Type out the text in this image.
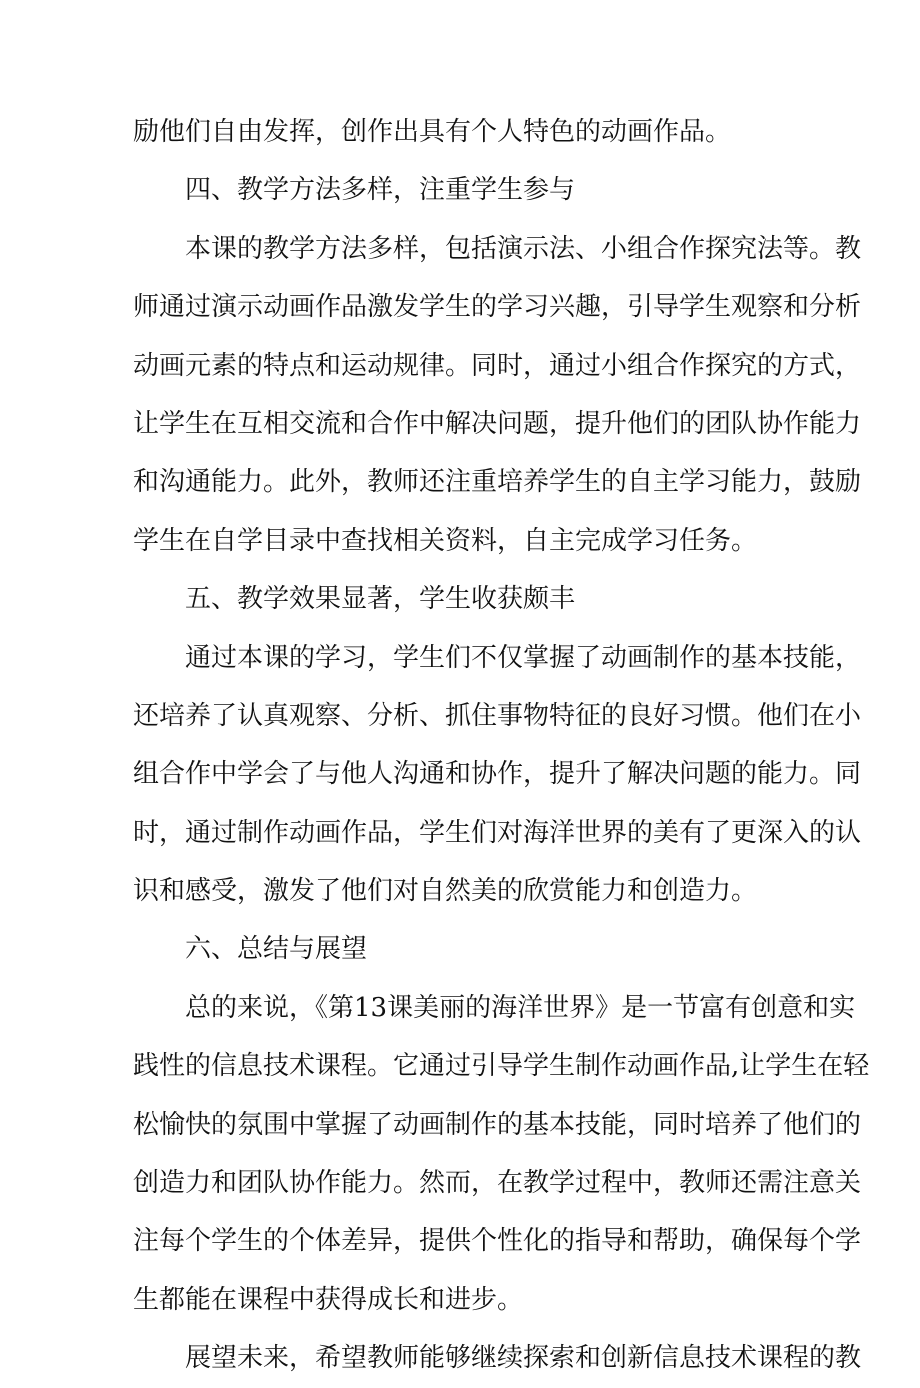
励他们自由发挥，创作出具有个人特色的动画作品。
四、教学方法多样，注重学生参与
本课的教学方法多样，包括演示法、小组合作探究法等。教
师通过演示动画作品激发学生的学习兴趣，引导学生观察和分析
动画元素的特点和运动规律。同时，通过小组合作探究的方式，
让学生在互相交流和合作中解决问题，提升他们的团队协作能力
和沟通能力。此外，教师还注重培养学生的自主学习能力，鼓励
学生在自学目录中查找相关资料，自主完成学习任务。
五、教学效果显著，学生收获颇丰
通过本课的学习，学生们不仅掌握了动画制作的基本技能，
还培养了认真观察、分析、抓住事物特征的良好习惯。他们在小
组合作中学会了与他人沟通和协作，提升了解决问题的能力。同
时，通过制作动画作品，学生们对海洋世界的美有了更深入的认
识和感受，激发了他们对自然美的欣赏能力和创造力。
六、总结与展望
总的来说，《第13课美丽的海洋世界》是一节富有创意和实
践性的信息技术课程。它通过引导学生制作动画作品,让学生在轻
松愉快的氛围中掌握了动画制作的基本技能，同时培养了他们的
创造力和团队协作能力。然而，在教学过程中，教师还需注意关
注每个学生的个体差异，提供个性化的指导和帮助，确保每个学
生都能在课程中获得成长和进步。
展望未来，希望教师能够继续探索和创新信息技术课程的教
